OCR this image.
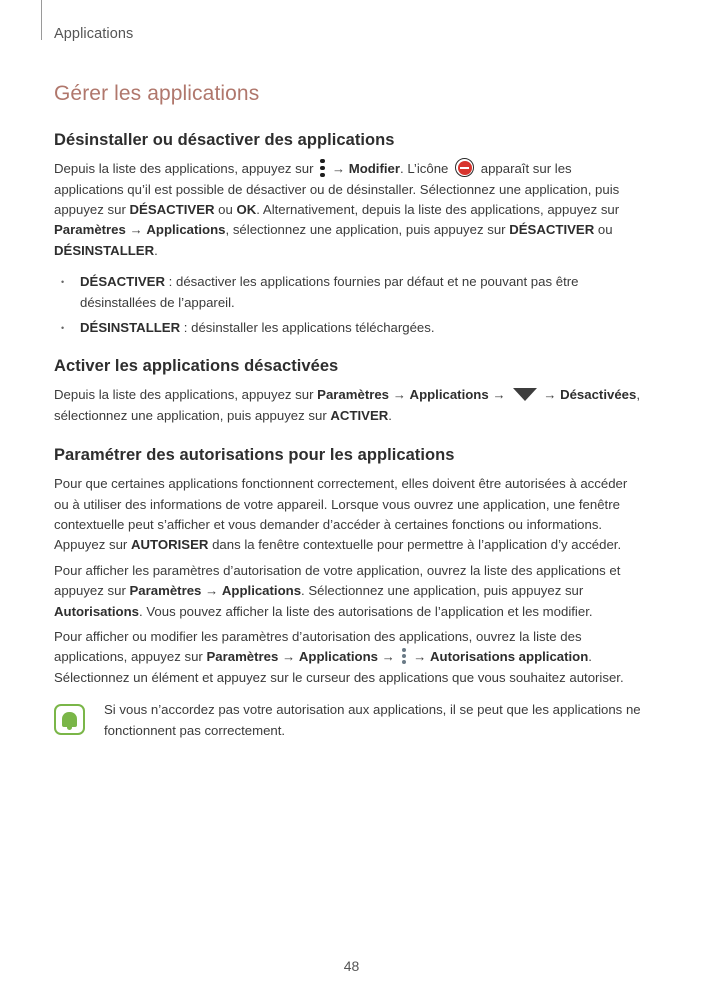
Applications
Gérer les applications
Désinstaller ou désactiver des applications

Depuis la liste des applications, appuyez sur
→ Modifier. L’icône apparaît sur les applications qu’il est possible de désactiver ou de désinstaller. Sélectionnez une application, puis appuyez sur DÉSACTIVER ou OK. Alternativement, depuis la liste des applications, appuyez sur Paramètres → Applications, sélectionnez une application, puis appuyez sur DÉSACTIVER ou DÉSINSTALLER.

• DÉSACTIVER : désactiver les applications fournies par défaut et ne pouvant pas être désinstallées de l’appareil.
• DÉSINSTALLER : désinstaller les applications téléchargées.
Activer les applications désactivées

Depuis la liste des applications, appuyez sur Paramètres → Applications →	→ Désactivées, sélectionnez une application, puis appuyez sur ACTIVER.

Paramétrer des autorisations pour les applications

Pour que certaines applications fonctionnent correctement, elles doivent être autorisées à accéder ou à utiliser des informations de votre appareil. Lorsque vous ouvrez une application, une fenêtre contextuelle peut s’afficher et vous demander d’accéder à certaines fonctions ou informations. Appuyez sur AUTORISER dans la fenêtre contextuelle pour permettre à l’application d’y accéder.

Pour afficher les paramètres d’autorisation de votre application, ouvrez la liste des applications et appuyez sur Paramètres → Applications. Sélectionnez une application, puis appuyez sur Autorisations. Vous pouvez afficher la liste des autorisations de l’application et les modifier.

Pour afficher ou modifier les paramètres d’autorisation des applications, ouvrez la liste des applications, appuyez sur Paramètres → Applications →
→ Autorisations application. Sélectionnez un élément et appuyez sur le curseur des applications que vous souhaitez autoriser.

Si vous n’accordez pas votre autorisation aux applications, il se peut que les applications ne fonctionnent pas correctement.

48
